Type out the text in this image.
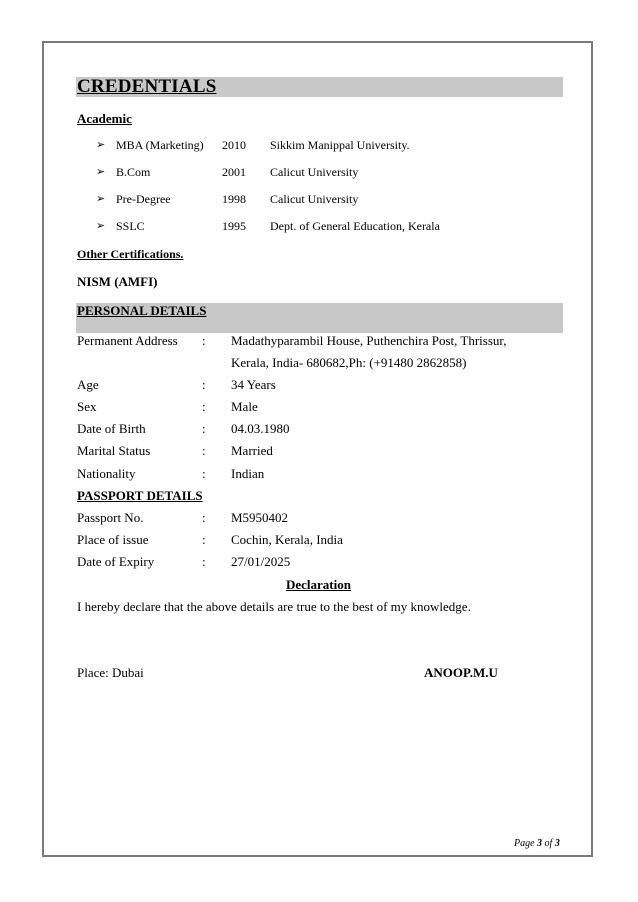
CREDENTIALS
Academic
➢ MBA (Marketing) 2010 Sikkim Manippal University.
➢ B.Com	2001 Calicut University
➢ Pre-Degree	1998 Calicut University
➢ SSLC	1995 Dept. of General Education, Kerala
Other Certifications.
NISM (AMFI)
PERSONAL DETAILS
Permanent Address : Madathyparambil House, Puthenchira Post, Thrissur,
Kerala, India- 680682,Ph: (+91480 2862858)
Age	: 34 Years
Sex	: Male
Date of Birth	: 04.03.1980
Marital Status	: Married
Nationality	: Indian
PASSPORT DETAILS
Passport No.	: M5950402
Place of issue	: Cochin, Kerala, India
Date of Expiry	: 27/01/2025
Declaration
I hereby declare that the above details are true to the best of my knowledge.
Place: Dubai	ANOOP.M.U
Page 3 of 3
